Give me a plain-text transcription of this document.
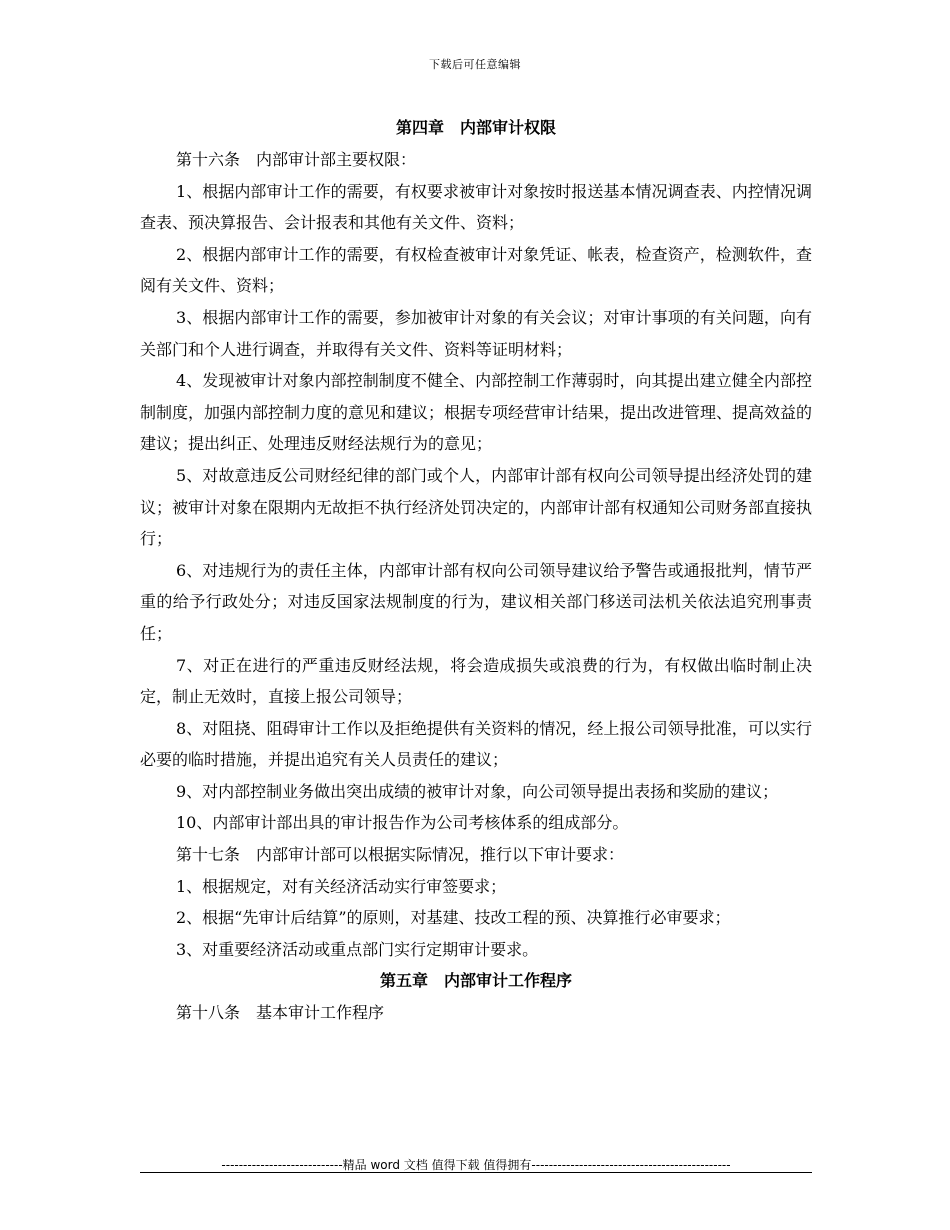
下载后可任意编辑
第四章　内部审计权限

第十六条　内部审计部主要权限：

1、根据内部审计工作的需要，有权要求被审计对象按时报送基本情况调查表、内控情况调查表、预决算报告、会计报表和其他有关文件、资料；

2、根据内部审计工作的需要，有权检查被审计对象凭证、帐表，检查资产，检测软件，查阅有关文件、资料；

3、根据内部审计工作的需要，参加被审计对象的有关会议；对审计事项的有关问题，向有关部门和个人进行调查，并取得有关文件、资料等证明材料；

4、发现被审计对象内部控制制度不健全、内部控制工作薄弱时，向其提出建立健全内部控制制度，加强内部控制力度的意见和建议；根据专项经营审计结果，提出改进管理、提高效益的建议；提出纠正、处理违反财经法规行为的意见；

5、对故意违反公司财经纪律的部门或个人，内部审计部有权向公司领导提出经济处罚的建议；被审计对象在限期内无故拒不执行经济处罚决定的，内部审计部有权通知公司财务部直接执行；

6、对违规行为的责任主体，内部审计部有权向公司领导建议给予警告或通报批判，情节严重的给予行政处分；对违反国家法规制度的行为，建议相关部门移送司法机关依法追究刑事责任；

7、对正在进行的严重违反财经法规，将会造成损失或浪费的行为，有权做出临时制止决定，制止无效时，直接上报公司领导；

8、对阻挠、阻碍审计工作以及拒绝提供有关资料的情况，经上报公司领导批准，可以实行必要的临时措施，并提出追究有关人员责任的建议；

9、对内部控制业务做出突出成绩的被审计对象，向公司领导提出表扬和奖励的建议；

10、内部审计部出具的审计报告作为公司考核体系的组成部分。

第十七条　内部审计部可以根据实际情况，推行以下审计要求：

1、根据规定，对有关经济活动实行审签要求；

2、根据“先审计后结算”的原则，对基建、技改工程的预、决算推行必审要求；

3、对重要经济活动或重点部门实行定期审计要求。

第五章　内部审计工作程序

第十八条　基本审计工作程序

----------------------------精品 word 文档 值得下载 值得拥有----------------------------------------------
